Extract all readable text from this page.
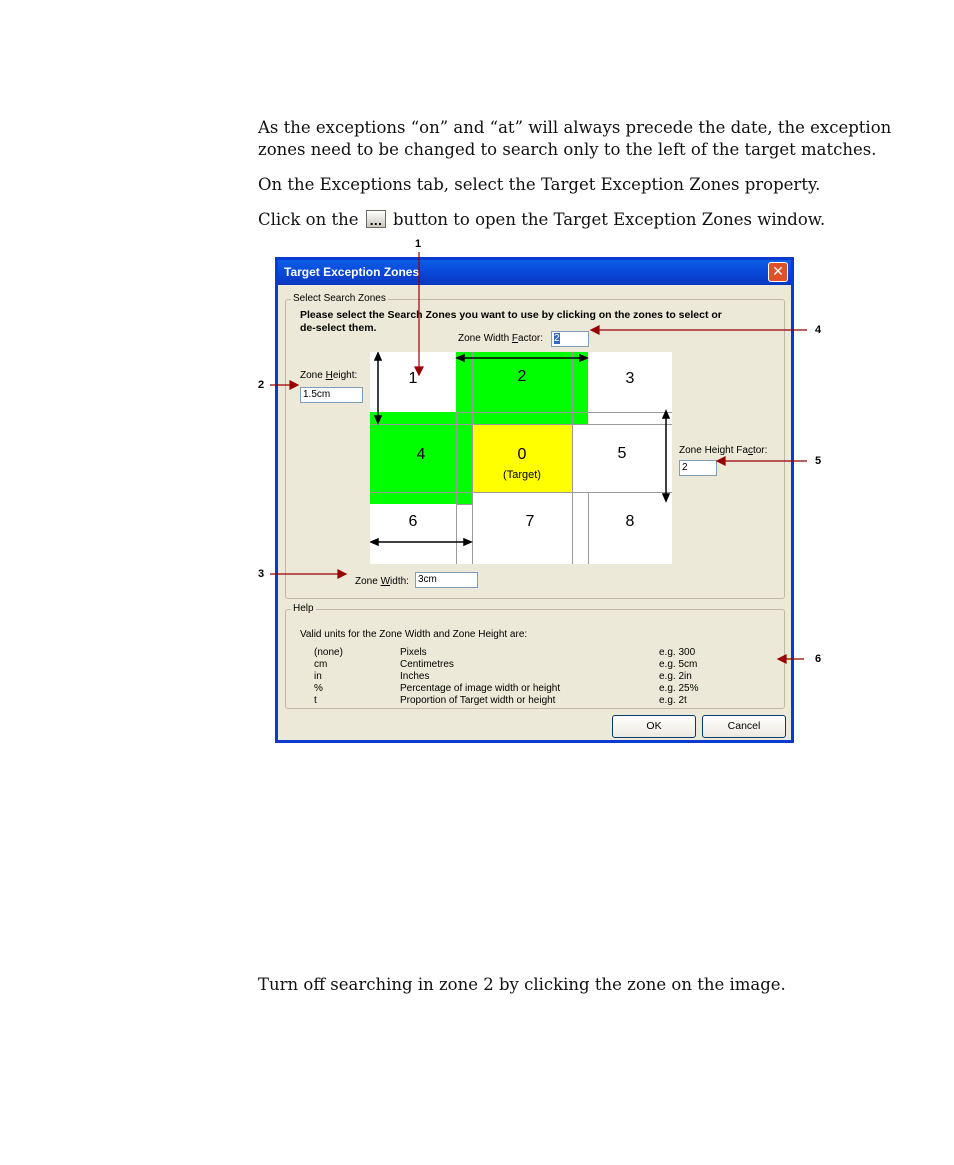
As the exceptions “on” and “at” will always precede the date, the exception
zones need to be changed to search only to the left of the target matches.
On the Exceptions tab, select the Target Exception Zones property.
Click on the ... button to open the Target Exception Zones window.
Turn off searching in zone 2 by clicking the zone on the image.
Target Exception Zones	✕
Select Search Zones
Please select the Search Zones you want to use by clicking on the zones to select or
de-select them.
Zone Width Factor:	2
Zone Height:
1.5cm
Zone Height Factor:
2
Zone Width: 3cm
1	2	3
4	0
(Target)
5
6	7	8
Help
Valid units for the Zone Width and Zone Height are:
(none)	Pixels	e.g. 300
cm	Centimetres	e.g. 5cm
in	Inches	e.g. 2in
%	Percentage of image width or height	e.g. 25%
t	Proportion of Target width or height	e.g. 2t
OK	Cancel
1
2
3
4
5
6
